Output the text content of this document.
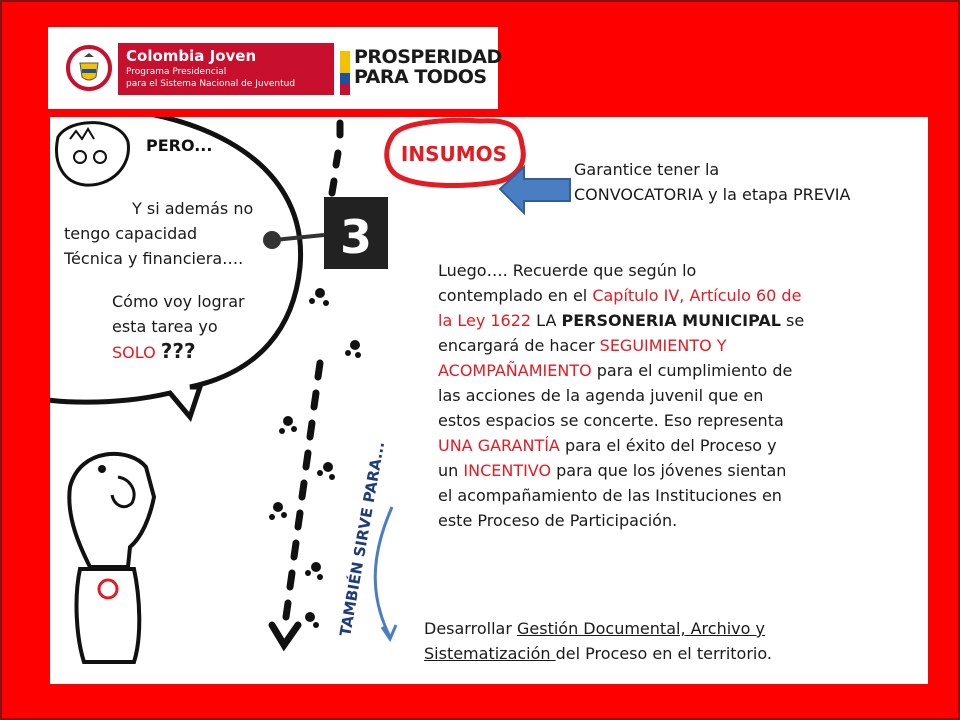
Colombia Joven
Programa Presidencial
para el Sistema Nacional de Juventud
PROSPERIDAD
PARA TODOS
PERO...
3
INSUMOS
TAMBIÉN SIRVE PARA...
Garantice tener la
CONVOCATORIA y la etapa PREVIA
Y si además no
tengo capacidad
Técnica y financiera….
Cómo voy lograr
esta tarea yo
SOLO ???
Luego…. Recuerde que según lo
contemplado en el Capítulo IV, Artículo 60 de
la Ley 1622 LA PERSONERIA MUNICIPAL se
encargará de hacer SEGUIMIENTO Y
ACOMPAÑAMIENTO para el cumplimiento de
las acciones de la agenda juvenil que en
estos espacios se concerte. Eso representa
UNA GARANTÍA para el éxito del Proceso y
un INCENTIVO para que los jóvenes sientan
el acompañamiento de las Instituciones en
este Proceso de Participación.
Desarrollar Gestión Documental, Archivo y
Sistematización del Proceso en el territorio.
